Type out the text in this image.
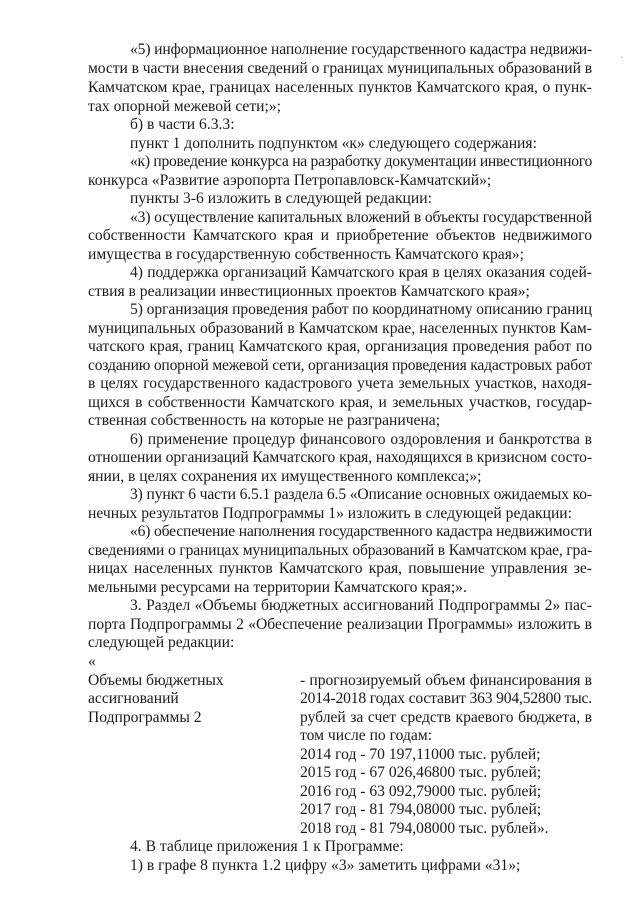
·
«5) информационное наполнение государственного кадастра недвижи-
мости в части внесения сведений о границах муниципальных образований в
Камчатском крае, границах населенных пунктов Камчатского края, о пунк-
тах опорной межевой сети;»;
б) в части 6.3.3:
пункт 1 дополнить подпунктом «к» следующего содержания:
«к) проведение конкурса на разработку документации инвестиционного
конкурса «Развитие аэропорта Петропавловск-Камчатский»;
пункты 3-6 изложить в следующей редакции:
«3) осуществление капитальных вложений в объекты государственной
собственности Камчатского края и приобретение объектов недвижимого
имущества в государственную собственность Камчатского края»;
4) поддержка организаций Камчатского края в целях оказания содей-
ствия в реализации инвестиционных проектов Камчатского края»;
5) организация проведения работ по координатному описанию границ
муниципальных образований в Камчатском крае, населенных пунктов Кам-
чатского края, границ Камчатского края, организация проведения работ по
созданию опорной межевой сети, организация проведения кадастровых работ
в целях государственного кадастрового учета земельных участков, находя-
щихся в собственности Камчатского края, и земельных участков, государ-
ственная собственность на которые не разграничена;
6) применение процедур финансового оздоровления и банкротства в
отношении организаций Камчатского края, находящихся в кризисном состо-
янии, в целях сохранения их имущественного комплекса;»;
3) пункт 6 части 6.5.1 раздела 6.5 «Описание основных ожидаемых ко-
нечных результатов Подпрограммы 1» изложить в следующей редакции:
«6) обеспечение наполнения государственного кадастра недвижимости
сведениями о границах муниципальных образований в Камчатском крае, гра-
ницах населенных пунктов Камчатского края, повышение управления зе-
мельными ресурсами на территории Камчатского края;».
3. Раздел «Объемы бюджетных ассигнований Подпрограммы 2» пас-
порта Подпрограммы 2 «Обеспечение реализации Программы» изложить в
следующей редакции:
«
Объемы бюджетных
ассигнований
Подпрограммы 2
- прогнозируемый объем финансирования в
2014-2018 годах составит 363 904,52800 тыс.
рублей за счет средств краевого бюджета, в
том числе по годам:
2014 год - 70 197,11000 тыс. рублей;
2015 год - 67 026,46800 тыс. рублей;
2016 год - 63 092,79000 тыс. рублей;
2017 год - 81 794,08000 тыс. рублей;
2018 год - 81 794,08000 тыс. рублей».
4. В таблице приложения 1 к Программе:
1) в графе 8 пункта 1.2 цифру «3» заметить цифрами «31»;
